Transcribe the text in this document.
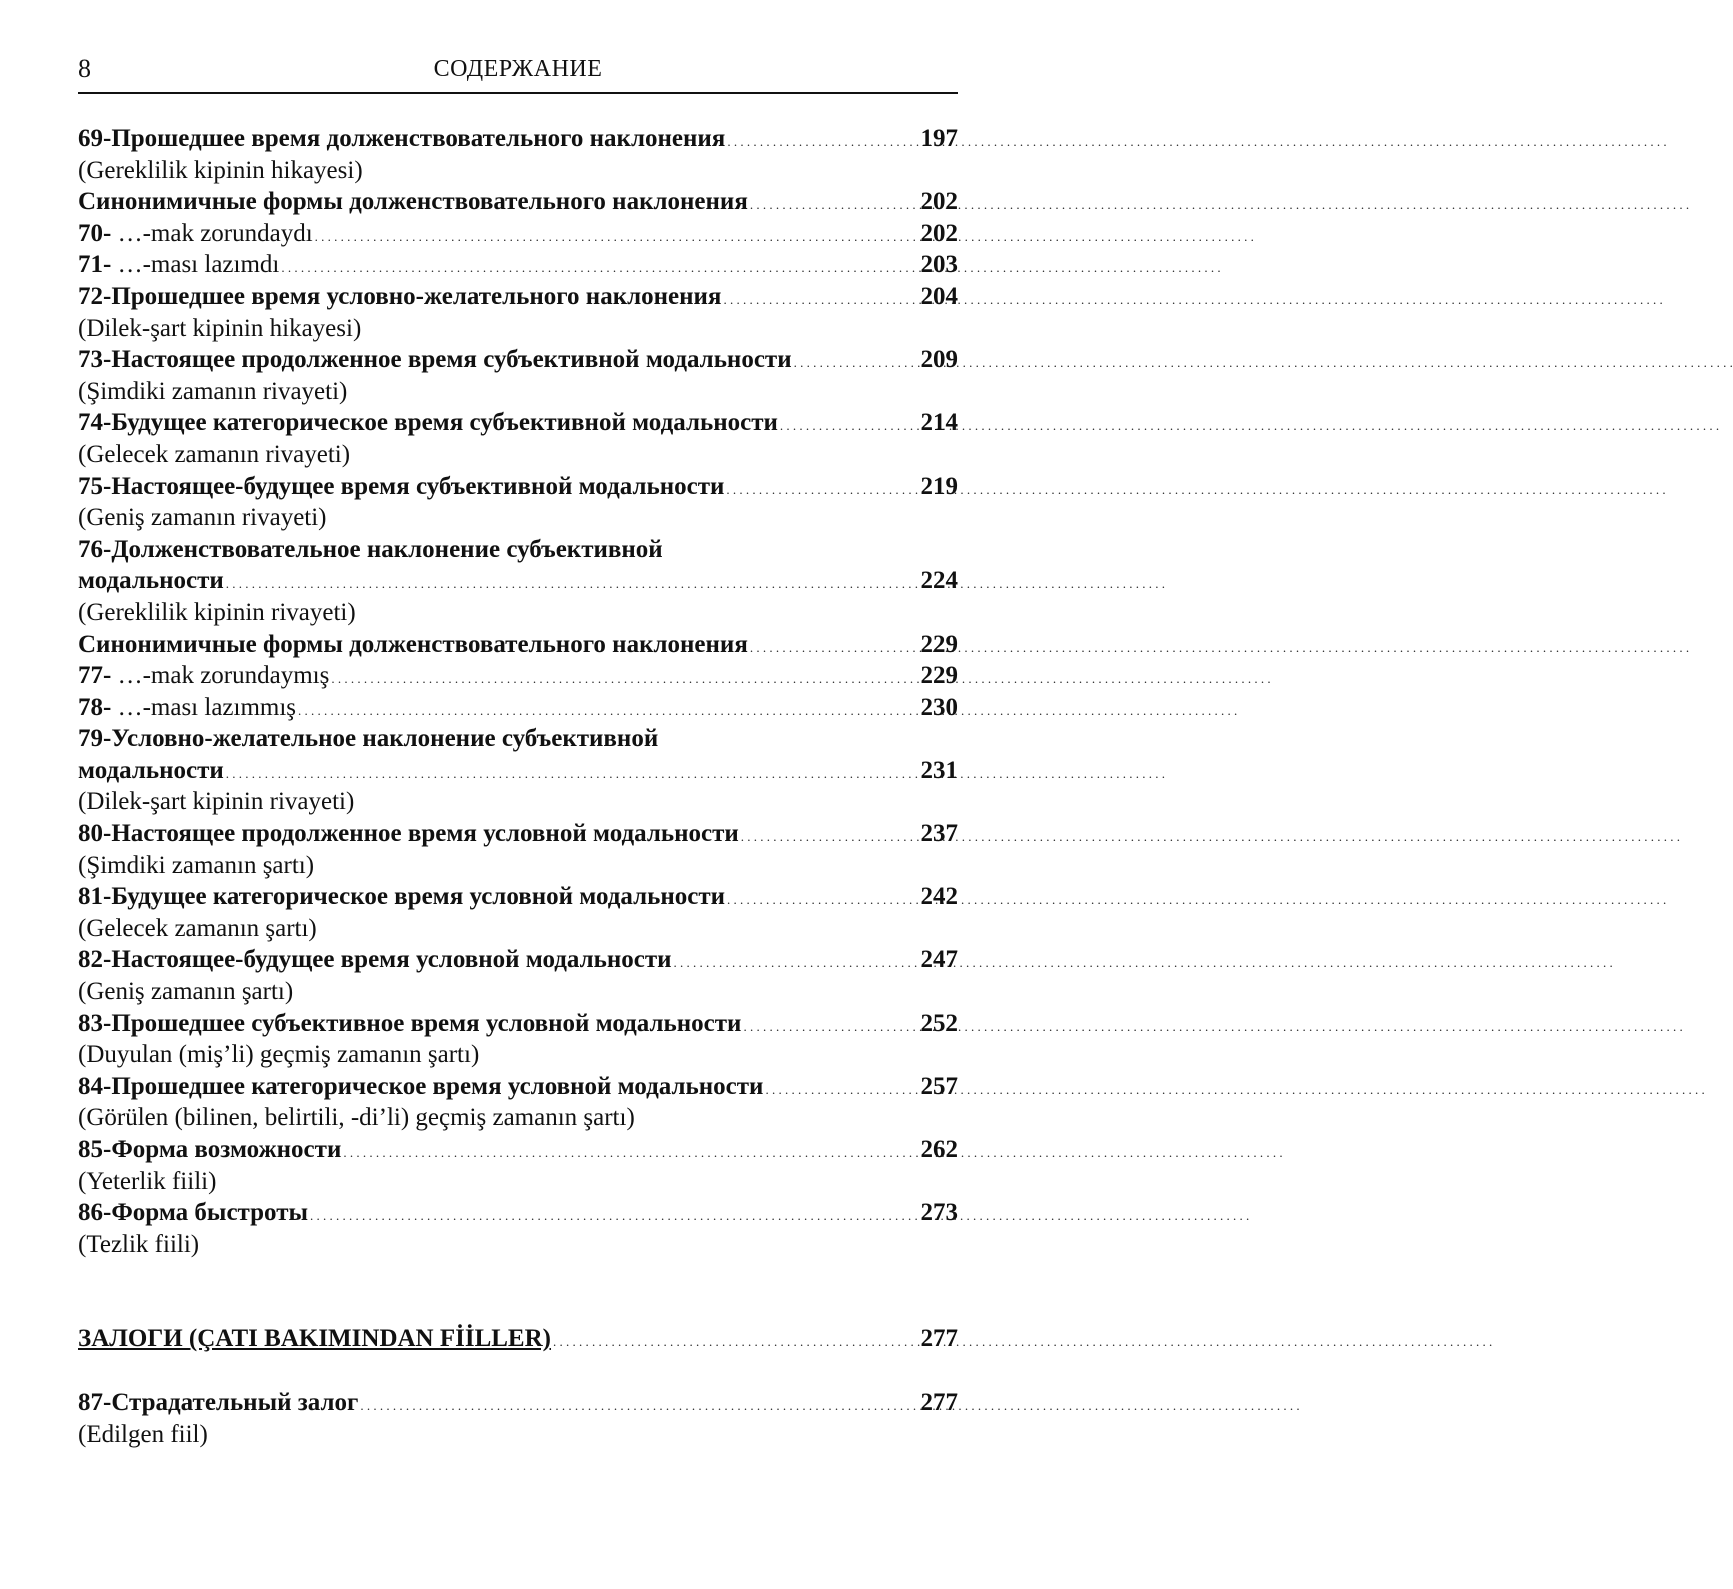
8	СОДЕРЖАНИЕ
69-Прошедшее время долженствовательного наклонения . . .	197
(Gereklilik kipinin hikayesi)
Синонимичные формы долженствовательного наклонения . . .	202
70- …-mak zorundaydı . . .	202
71- …-ması lazımdı . . .	203
72-Прошедшее время условно-желательного наклонения . . .	204
(Dilek-şart kipinin hikayesi)
73-Настоящее продолженное время субъективной модальности . . .	209
(Şimdiki zamanın rivayeti)
74-Будущее категорическое время субъективной модальности . . .	214
(Gelecek zamanın rivayeti)
75-Настоящее-будущее время субъективной модальности . . .	219
(Geniş zamanın rivayeti)
76-Долженствовательное наклонение субъективной
модальности . . .	224
(Gereklilik kipinin rivayeti)
Синонимичные формы долженствовательного наклонения . . .	229
77- …-mak zorundaymış . . .	229
78- …-ması lazımmış . . .	230
79-Условно-желательное наклонение субъективной
модальности . . .	231
(Dilek-şart kipinin rivayeti)
80-Настоящее продолженное время условной модальности . . .	237
(Şimdiki zamanın şartı)
81-Будущее категорическое время условной модальности . . .	242
(Gelecek zamanın şartı)
82-Настоящее-будущее время условной модальности . . .	247
(Geniş zamanın şartı)
83-Прошедшее субъективное время условной модальности . . .	252
(Duyulan (miş’li) geçmiş zamanın şartı)
84-Прошедшее категорическое время условной модальности . . .	257
(Görülen (bilinen, belirtili, -di’li) geçmiş zamanın şartı)
85-Форма возможности . . .	262
(Yeterlik fiili)
86-Форма быстроты . . .	273
(Tezlik fiili)
ЗАЛОГИ (ÇATI BAKIMINDAN FİİLLER) . . .	277
87-Страдательный залог . . .	277
(Edilgen fiil)
